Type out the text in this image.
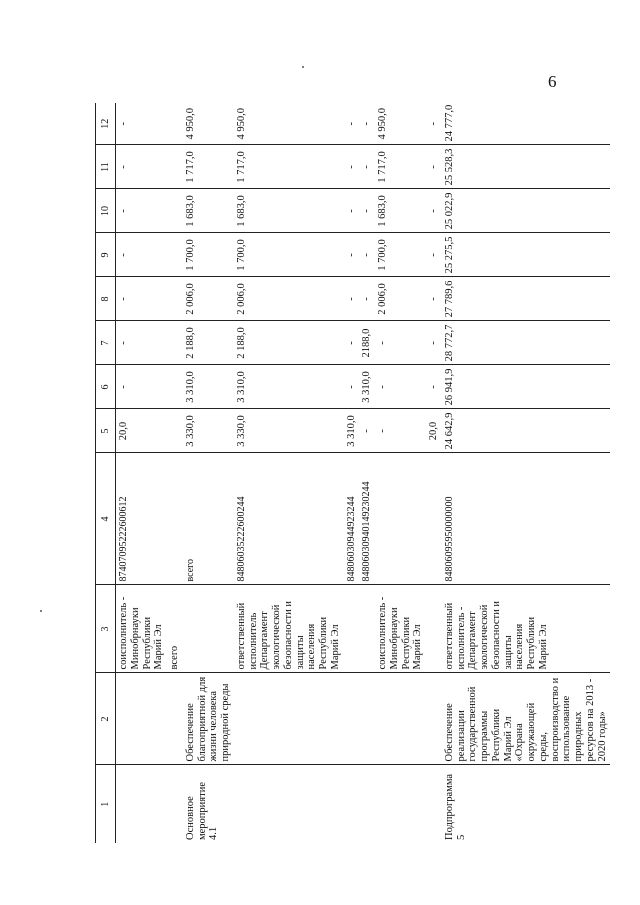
6
1	2	3	4	5	6	7	8	9	10	11	12
		соисполнитель - Минобрнауки Республики Марий Эл	87407095222600612	20,0	-	-	-	-	-	-	-
		всего									
Основное мероприятие 4.1	Обеспечение благоприятной для жизни человека природной среды		всего	3 330,0	3 310,0	2 188,0	2 006,0	1 700,0	1 683,0	1 717,0	4 950,0
		ответственный исполнитель Департамент экологической безопасности и защиты населения Республики Марий Эл	84806035222600244	3 330,0	3 310,0	2 188,0	2 006,0	1 700,0	1 683,0	1 717,0	4 950,0
			84806030944923244	3 310,0	-	-	-	-	-	-	-
			84806030940149230244	-	3 310,0	2188,0	-	-	-	-	-
		соисполнитель - Минобрнауки Республики Марий Эл		-	-	-	2 006,0	1 700,0	1 683,0	1 717,0	4 950,0
				20,0	-	-	-	-	-	-	-
Подпрограмма 5	Обеспечение реализации государственной программы Республики Марий Эл «Охрана окружающей среды, воспроизводство и использование природных ресурсов на 2013 - 2020 годы»	ответственный исполнитель - Департамент экологической безопасности и защиты населения Республики Марий Эл	84806095950000000	24 642,9	26 941,9	28 772,7	27 789,6	25 275,5	25 022,9	25 528,3	24 777,0
